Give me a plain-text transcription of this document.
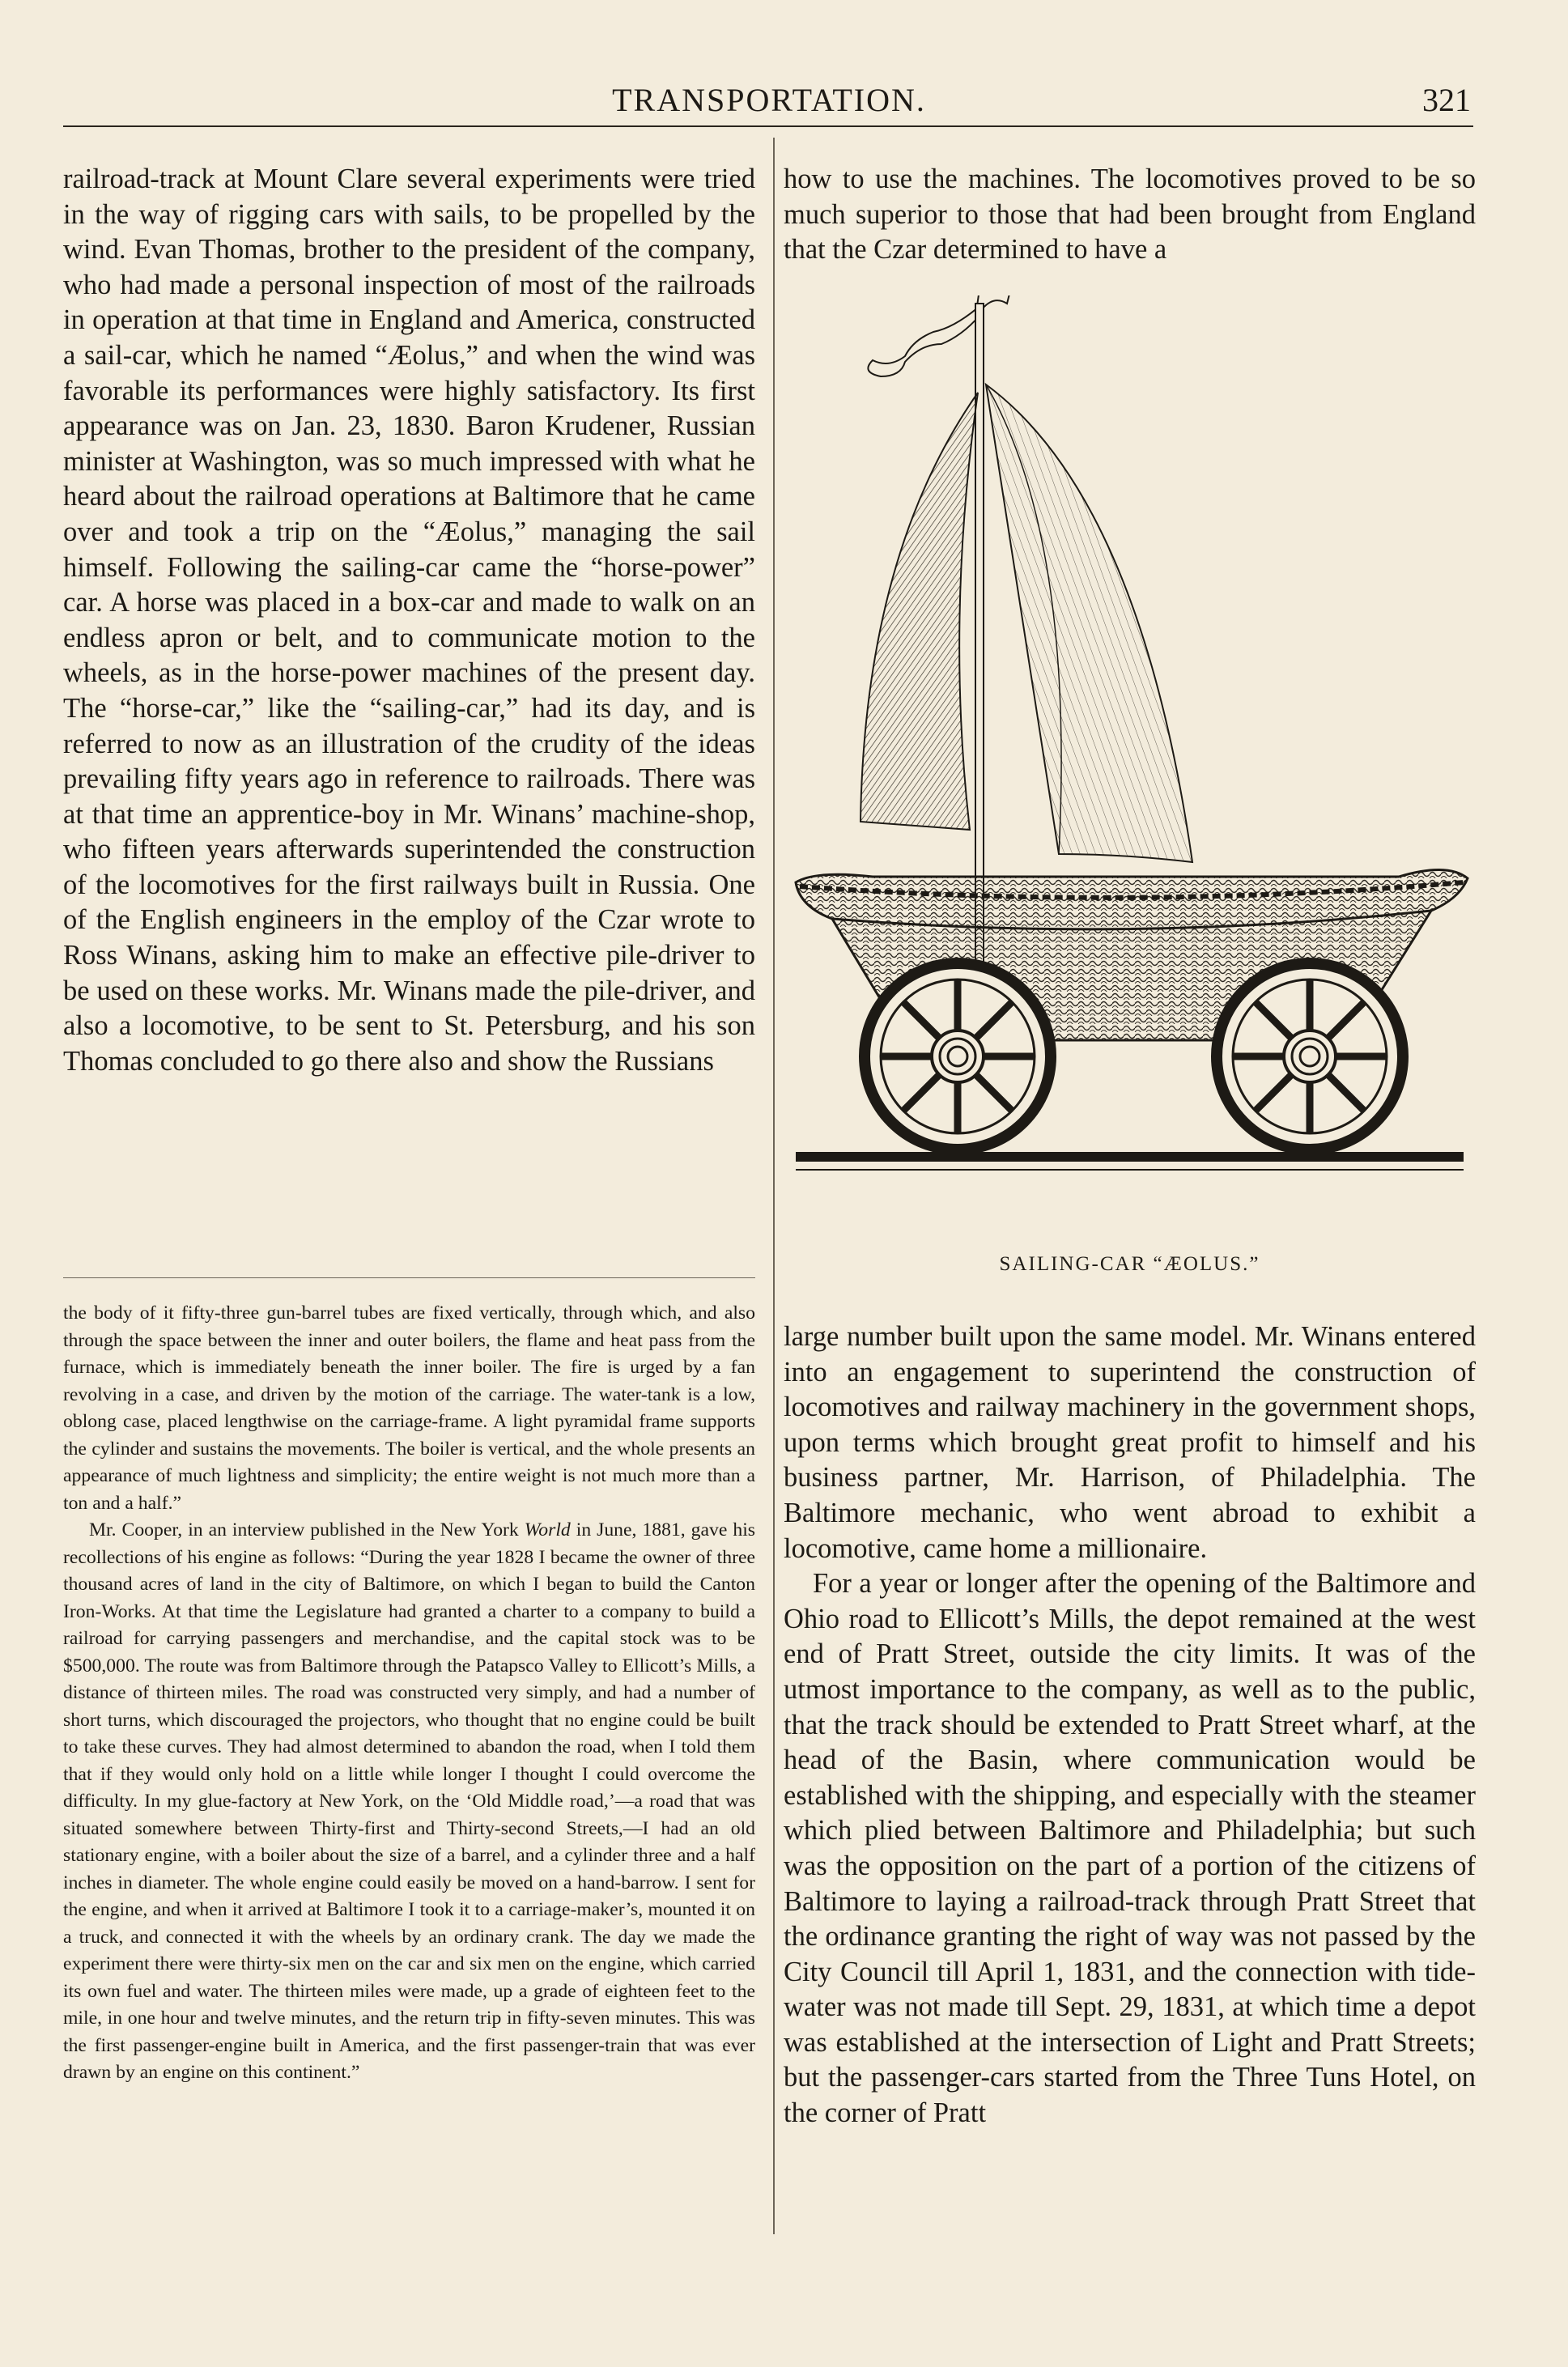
TRANSPORTATION.	321

railroad-track at Mount Clare several experiments were tried in the way of rigging cars with sails, to be propelled by the wind. Evan Thomas, brother to the president of the company, who had made a personal inspection of most of the railroads in operation at that time in England and America, constructed a sail-car, which he named “Æolus,” and when the wind was favorable its performances were highly satisfactory. Its first appearance was on Jan. 23, 1830. Baron Krudener, Russian minister at Washington, was so much impressed with what he heard about the railroad operations at Baltimore that he came over and took a trip on the “Æolus,” managing the sail himself. Following the sailing-car came the “horse-power” car. A horse was placed in a box-car and made to walk on an endless apron or belt, and to communicate motion to the wheels, as in the horse-power machines of the present day. The “horse-car,” like the “sailing-car,” had its day, and is referred to now as an illustration of the crudity of the ideas prevailing fifty years ago in reference to railroads. There was at that time an apprentice-boy in Mr. Winans’ machine-shop, who fifteen years afterwards superintended the construction of the locomotives for the first railways built in Russia. One of the English engineers in the employ of the Czar wrote to Ross Winans, asking him to make an effective pile-driver to be used on these works. Mr. Winans made the pile-driver, and also a locomotive, to be sent to St. Petersburg, and his son Thomas concluded to go there also and show the Russians

the body of it fifty-three gun-barrel tubes are fixed vertically, through which, and also through the space between the inner and outer boilers, the flame and heat pass from the furnace, which is immediately beneath the inner boiler. The fire is urged by a fan revolving in a case, and driven by the motion of the carriage. The water-tank is a low, oblong case, placed lengthwise on the carriage-frame. A light pyramidal frame supports the cylinder and sustains the movements. The boiler is vertical, and the whole presents an appearance of much lightness and simplicity; the entire weight is not much more than a ton and a half.”

Mr. Cooper, in an interview published in the New York World in June, 1881, gave his recollections of his engine as follows: “During the year 1828 I became the owner of three thousand acres of land in the city of Baltimore, on which I began to build the Canton Iron-Works. At that time the Legislature had granted a charter to a company to build a railroad for carrying passengers and merchandise, and the capital stock was to be $500,000. The route was from Baltimore through the Patapsco Valley to Ellicott’s Mills, a distance of thirteen miles. The road was constructed very simply, and had a number of short turns, which discouraged the projectors, who thought that no engine could be built to take these curves. They had almost determined to abandon the road, when I told them that if they would only hold on a little while longer I thought I could overcome the difficulty. In my glue-factory at New York, on the ‘Old Middle road,’—a road that was situated somewhere between Thirty-first and Thirty-second Streets,—I had an old stationary engine, with a boiler about the size of a barrel, and a cylinder three and a half inches in diameter. The whole engine could easily be moved on a hand-barrow. I sent for the engine, and when it arrived at Baltimore I took it to a carriage-maker’s, mounted it on a truck, and connected it with the wheels by an ordinary crank. The day we made the experiment there were thirty-six men on the car and six men on the engine, which carried its own fuel and water. The thirteen miles were made, up a grade of eighteen feet to the mile, in one hour and twelve minutes, and the return trip in fifty-seven minutes. This was the first passenger-engine built in America, and the first passenger-train that was ever drawn by an engine on this continent.”

how to use the machines. The locomotives proved to be so much superior to those that had been brought from England that the Czar determined to have a

SAILING-CAR “ÆOLUS.”

large number built upon the same model. Mr. Winans entered into an engagement to superintend the construction of locomotives and railway machinery in the government shops, upon terms which brought great profit to himself and his business partner, Mr. Harrison, of Philadelphia. The Baltimore mechanic, who went abroad to exhibit a locomotive, came home a millionaire.

For a year or longer after the opening of the Baltimore and Ohio road to Ellicott’s Mills, the depot remained at the west end of Pratt Street, outside the city limits. It was of the utmost importance to the company, as well as to the public, that the track should be extended to Pratt Street wharf, at the head of the Basin, where communication would be established with the shipping, and especially with the steamer which plied between Baltimore and Philadelphia; but such was the opposition on the part of a portion of the citizens of Baltimore to laying a railroad-track through Pratt Street that the ordinance granting the right of way was not passed by the City Council till April 1, 1831, and the connection with tide-water was not made till Sept. 29, 1831, at which time a depot was established at the intersection of Light and Pratt Streets; but the passenger-cars started from the Three Tuns Hotel, on the corner of Pratt
